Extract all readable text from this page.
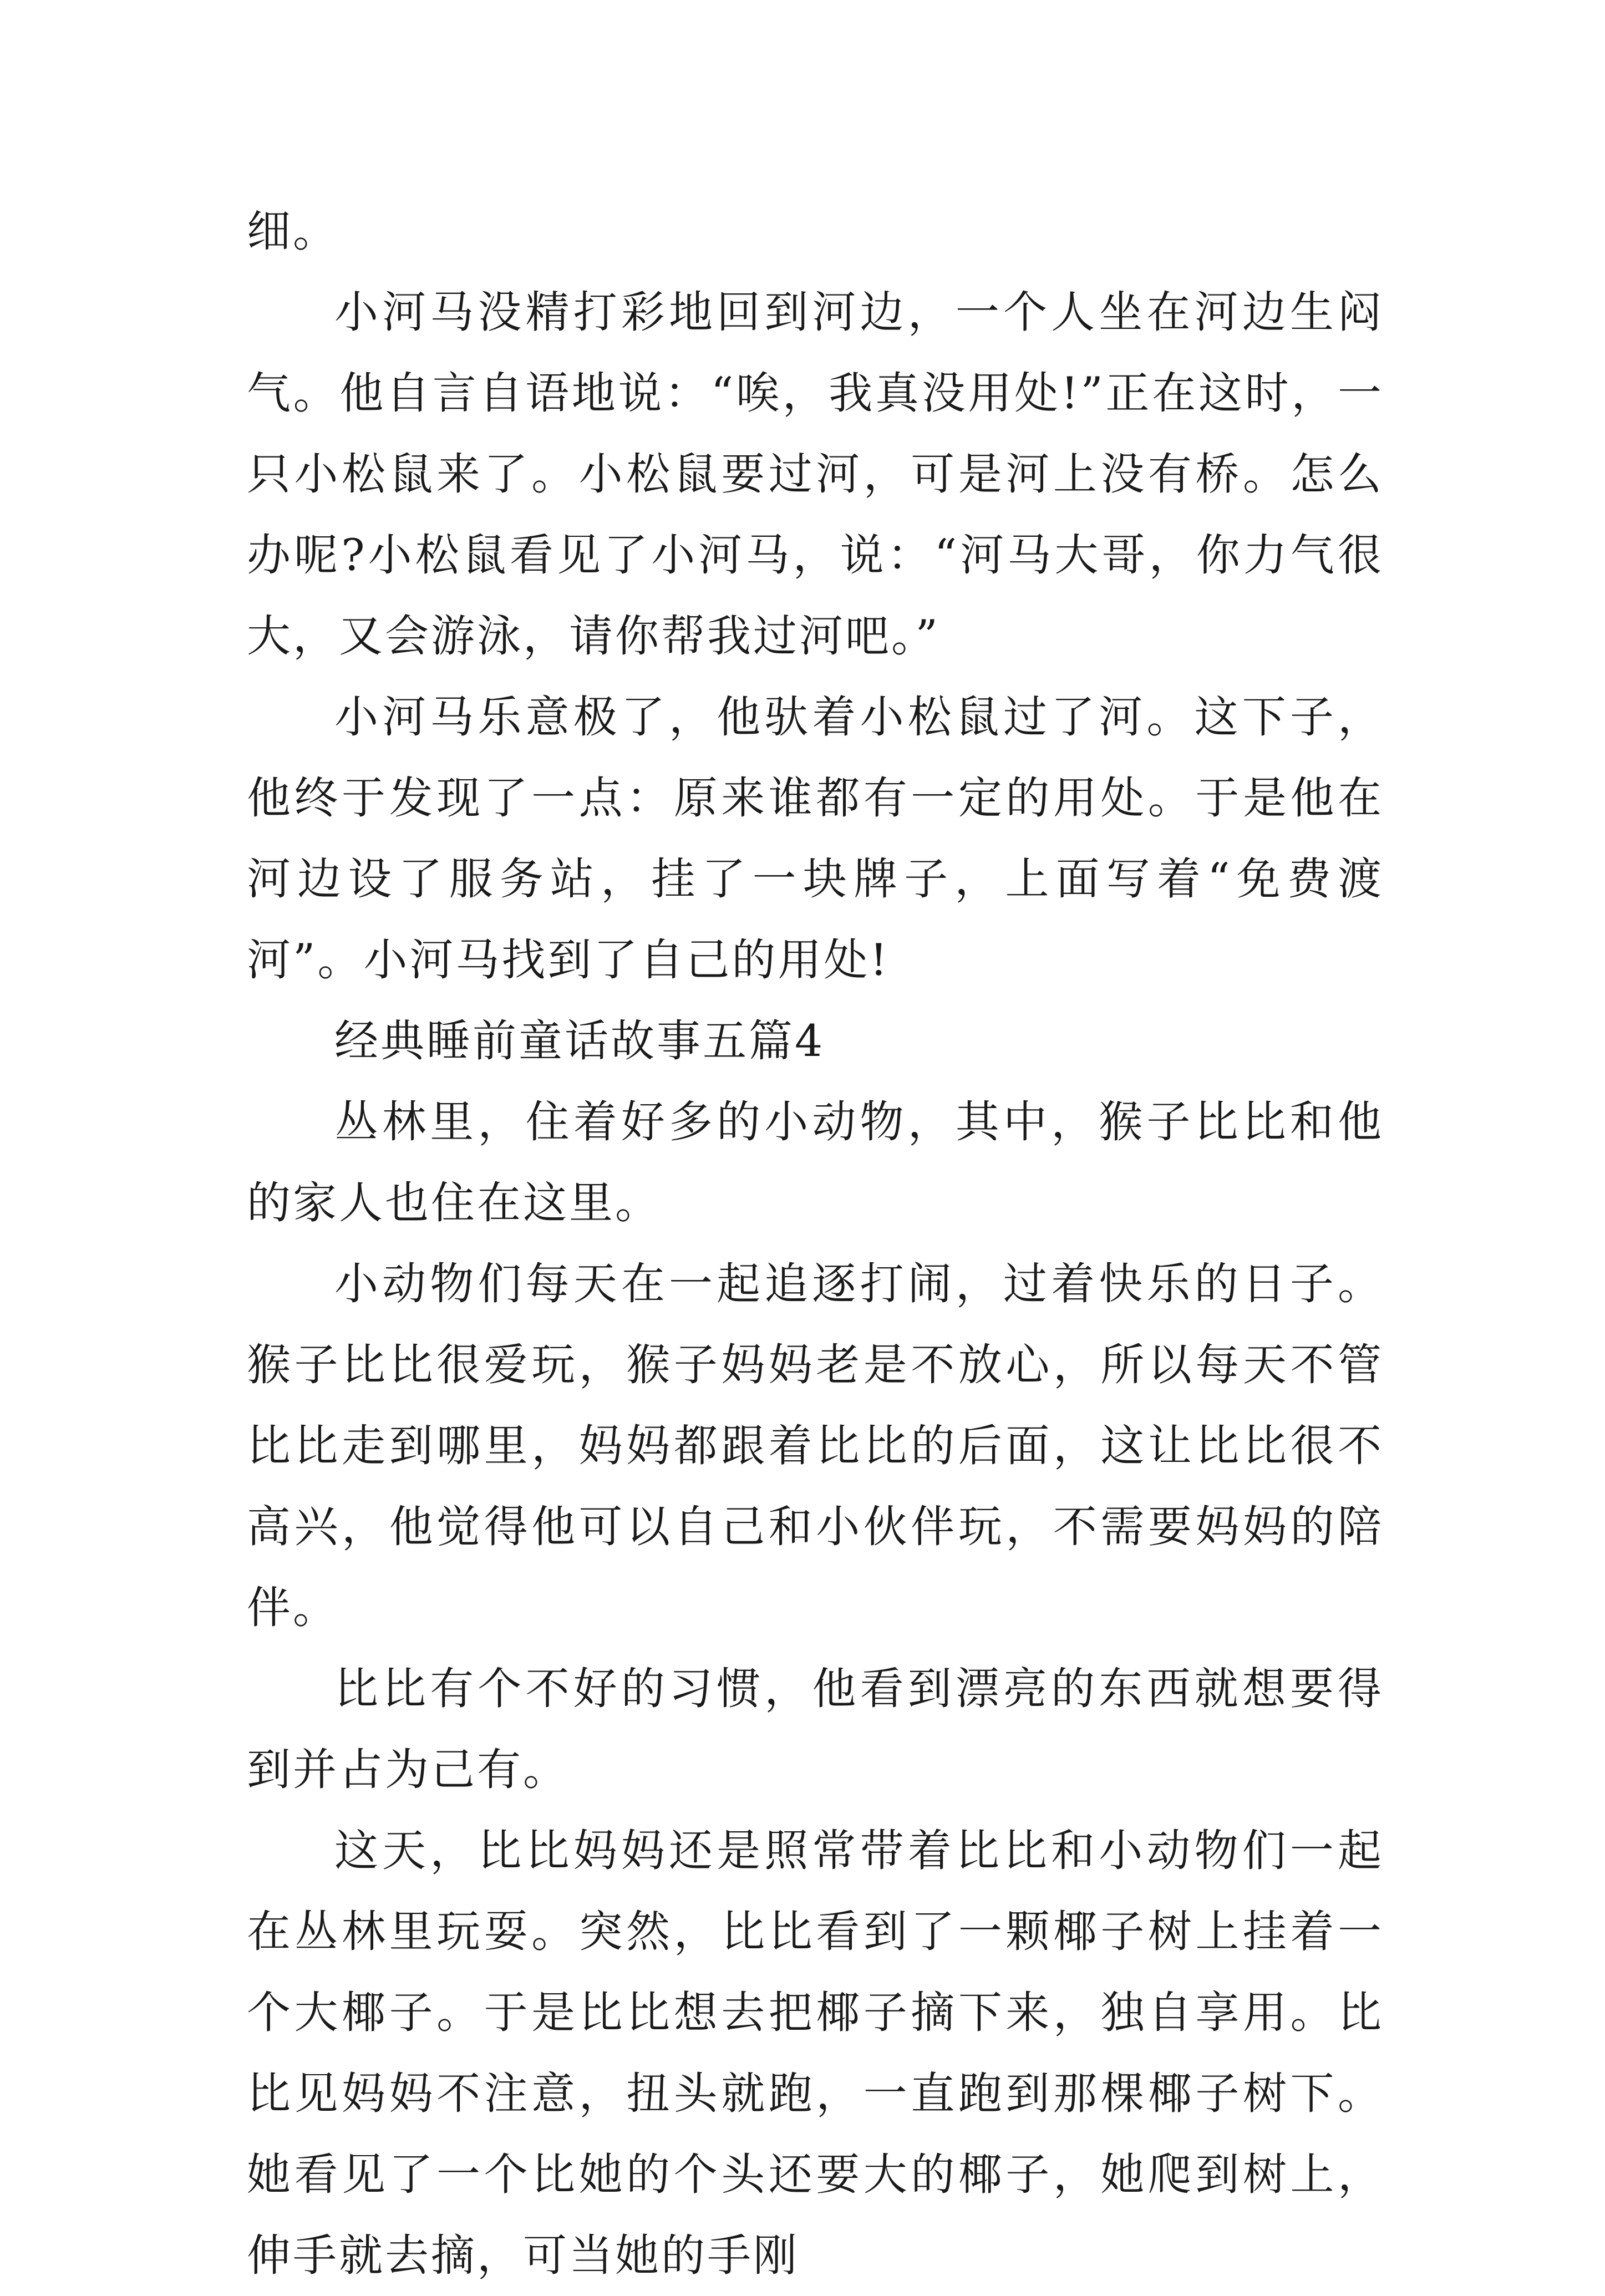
细。

小河马没精打彩地回到河边，一个人坐在河边生闷气。他自言自语地说：“唉，我真没用处!”正在这时，一只小松鼠来了。小松鼠要过河，可是河上没有桥。怎么办呢?小松鼠看见了小河马，说：“河马大哥，你力气很大，又会游泳，请你帮我过河吧。”

小河马乐意极了，他驮着小松鼠过了河。这下子，他终于发现了一点：原来谁都有一定的用处。于是他在河边设了服务站，挂了一块牌子，上面写着“免费渡河”。小河马找到了自己的用处!

经典睡前童话故事五篇4

丛林里，住着好多的小动物，其中，猴子比比和他的家人也住在这里。

小动物们每天在一起追逐打闹，过着快乐的日子。猴子比比很爱玩，猴子妈妈老是不放心，所以每天不管比比走到哪里，妈妈都跟着比比的后面，这让比比很不高兴，他觉得他可以自己和小伙伴玩，不需要妈妈的陪伴。

比比有个不好的习惯，他看到漂亮的东西就想要得到并占为己有。

这天，比比妈妈还是照常带着比比和小动物们一起在丛林里玩耍。突然，比比看到了一颗椰子树上挂着一个大椰子。于是比比想去把椰子摘下来，独自享用。比比见妈妈不注意，扭头就跑，一直跑到那棵椰子树下。她看见了一个比她的个头还要大的椰子，她爬到树上，伸手就去摘，可当她的手刚
